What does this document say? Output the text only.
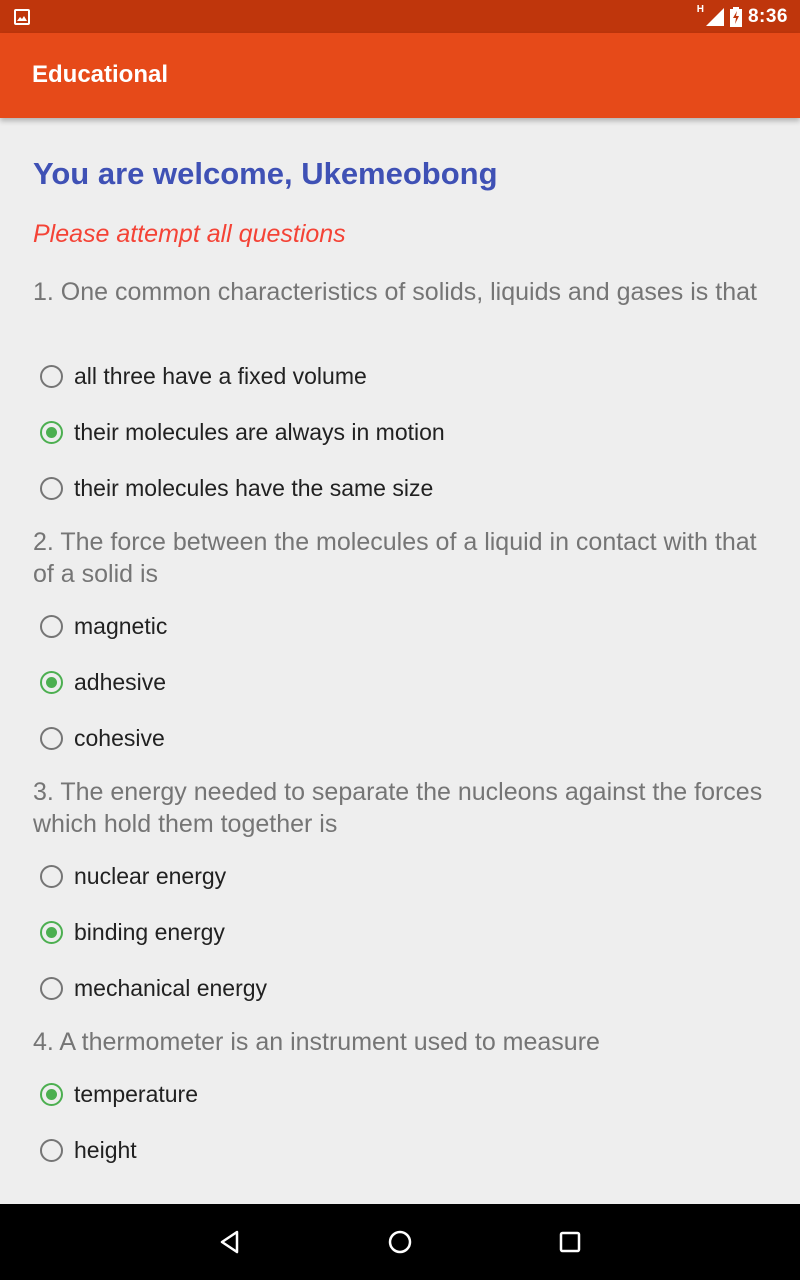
H 8:36
Educational
You are welcome, Ukemeobong
Please attempt all questions
1. One common characteristics of solids, liquids and gases is that
all three have a fixed volume
their molecules are always in motion
their molecules have the same size
2. The force between the molecules of a liquid in contact with that of a solid is
magnetic
adhesive
cohesive
3. The energy needed to separate the nucleons against the forces which hold them together is
nuclear energy
binding energy
mechanical energy
4. A thermometer is an instrument used to measure
temperature
height
